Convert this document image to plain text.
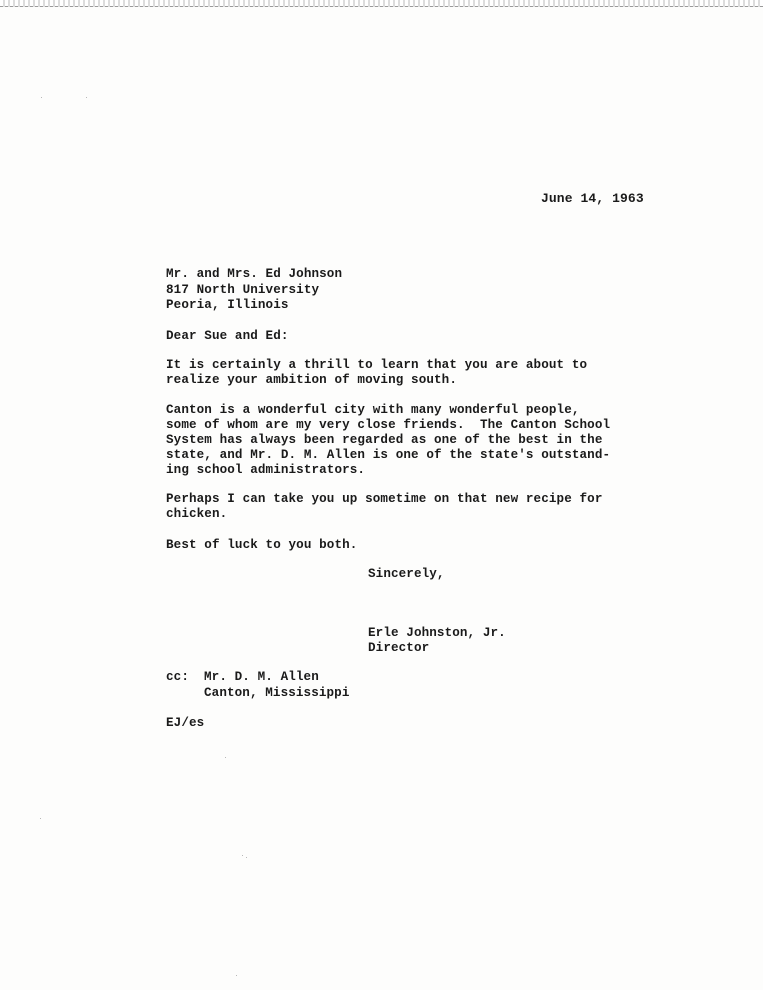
June 14, 1963
Mr. and Mrs. Ed Johnson
817 North University
Peoria, Illinois
Dear Sue and Ed:
It is certainly a thrill to learn that you are about to
realize your ambition of moving south.
Canton is a wonderful city with many wonderful people,
some of whom are my very close friends.  The Canton School
System has always been regarded as one of the best in the
state, and Mr. D. M. Allen is one of the state's outstand-
ing school administrators.
Perhaps I can take you up sometime on that new recipe for
chicken.
Best of luck to you both.
Sincerely,
Erle Johnston, Jr.
Director
cc: Mr. D. M. Allen
Canton, Mississippi
EJ/es
